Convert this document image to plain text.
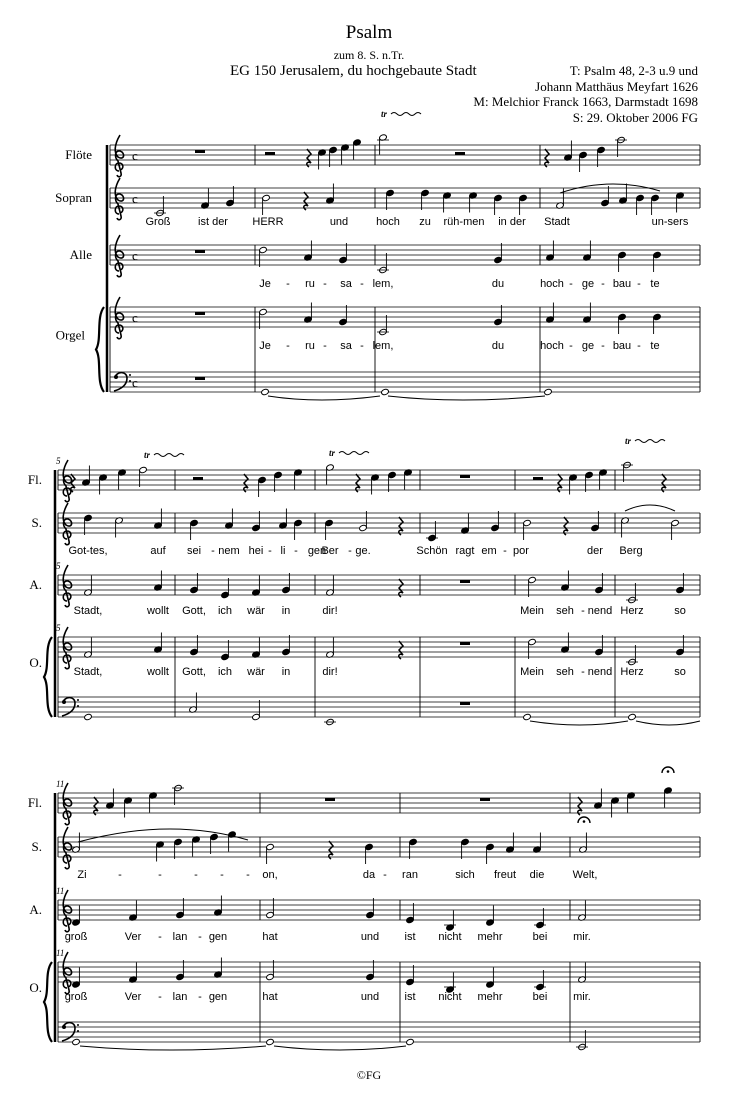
Psalm
zum 8. S. n.Tr.
EG 150 Jerusalem, du hochgebaute Stadt	T: Psalm 48, 2-3 u.9 und
Johann Matthäus Meyfart 1626
M: Melchior Franck 1663, Darmstadt 1698
S: 29. Oktober 2006 FG
c
c
c
c
c
Flöte
Sopran
Alle
Orgel
Fl.
S.
A.
O.
5
5
5
Fl.
S.
A.
O.
11
11
11
tr
tr	tr
tr
Groß ist der HERR	und	hoch zu rüh-men in der Stadt	un-sers
Je - ru - sa - lem,	du	hoch - ge - bau - te
Je - ru - sa - lem,	du	hoch - ge - bau - te
Got-tes,	auf sei - nem hei - li - gen
Ber - ge.	Schön ragt em - por	der Berg
Stadt,	wollt Gott, ich wär in	dir!	Mein seh - nend Herz	so
Stadt,	wollt Gott, ich wär in	dir!	Mein seh - nend Herz	so
Zi	-	-	- - - on,	da - ran	sich freut die	Welt,
groß	Ver - lan - gen	hat	und ist nicht mehr	bei mir.
groß	Ver - lan - gen	hat	und ist nicht mehr	bei mir.
©FG
